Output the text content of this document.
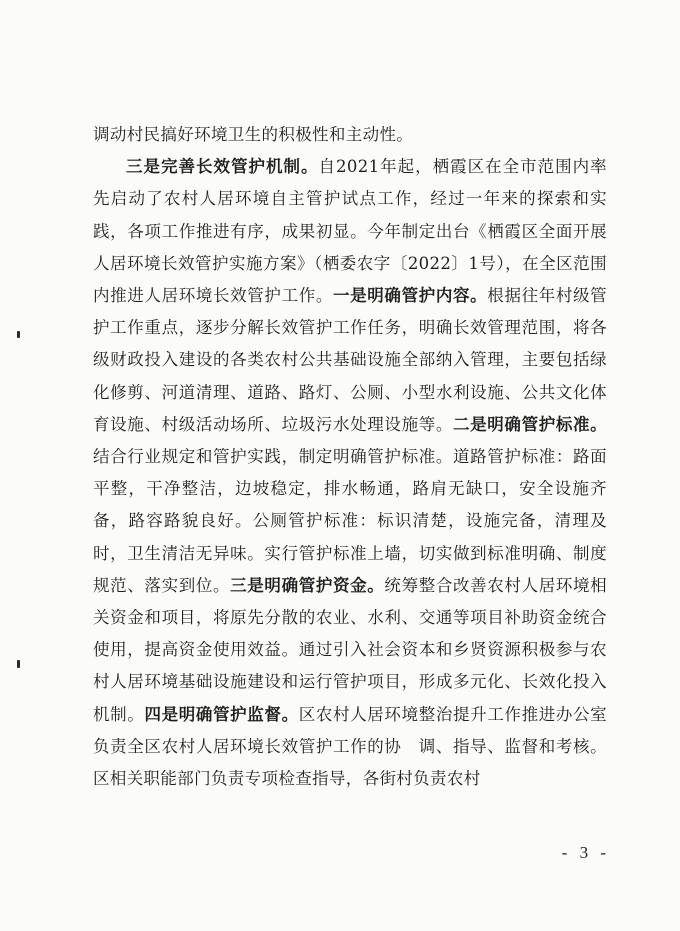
调动村民搞好环境卫生的积极性和主动性。

三是完善长效管护机制。自2021年起，栖霞区在全市范围内率先启动了农村人居环境自主管护试点工作，经过一年来的探索和实践，各项工作推进有序，成果初显。今年制定出台《栖霞区全面开展人居环境长效管护实施方案》（栖委农字〔2022〕1号），在全区范围内推进人居环境长效管护工作。一是明确管护内容。根据往年村级管护工作重点，逐步分解长效管护工作任务，明确长效管理范围，将各级财政投入建设的各类农村公共基础设施全部纳入管理，主要包括绿化修剪、河道清理、道路、路灯、公厕、小型水利设施、公共文化体育设施、村级活动场所、垃圾污水处理设施等。二是明确管护标准。结合行业规定和管护实践，制定明确管护标准。道路管护标准：路面平整，干净整洁，边坡稳定，排水畅通，路肩无缺口，安全设施齐备，路容路貌良好。公厕管护标准：标识清楚，设施完备，清理及时，卫生清洁无异味。实行管护标准上墙，切实做到标准明确、制度规范、落实到位。三是明确管护资金。统筹整合改善农村人居环境相关资金和项目，将原先分散的农业、水利、交通等项目补助资金统合使用，提高资金使用效益。通过引入社会资本和乡贤资源积极参与农村人居环境基础设施建设和运行管护项目，形成多元化、长效化投入机制。四是明确管护监督。区农村人居环境整治提升工作推进办公室负责全区农村人居环境长效管护工作的协　调、指导、监督和考核。区相关职能部门负责专项检查指导，各街村负责农村

- 3 -
